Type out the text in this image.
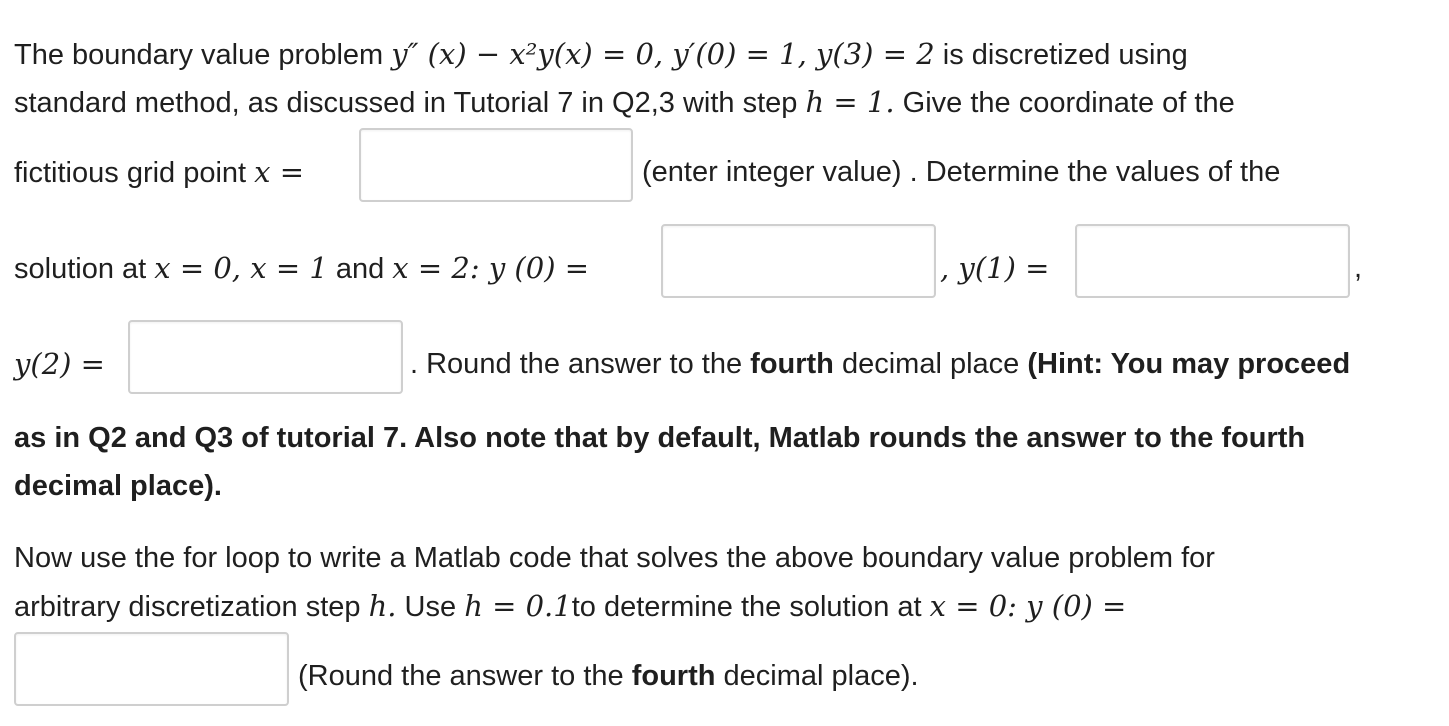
The boundary value problem y″ (x) − x²y(x) = 0, y′(0) = 1, y(3) = 2 is discretized using
standard method, as discussed in Tutorial 7 in Q2,3 with step h = 1. Give the coordinate of the
fictitious grid point x =	(enter integer value) . Determine the values of the
solution at x = 0, x = 1 and x = 2: y (0) =	, y(1) =	,
y(2) =	. Round the answer to the fourth decimal place (Hint: You may proceed
as in Q2 and Q3 of tutorial 7. Also note that by default, Matlab rounds the answer to the fourth
decimal place).
Now use the for loop to write a Matlab code that solves the above boundary value problem for
arbitrary discretization step h. Use h = 0.1to determine the solution at x = 0: y (0) =
(Round the answer to the fourth decimal place).
